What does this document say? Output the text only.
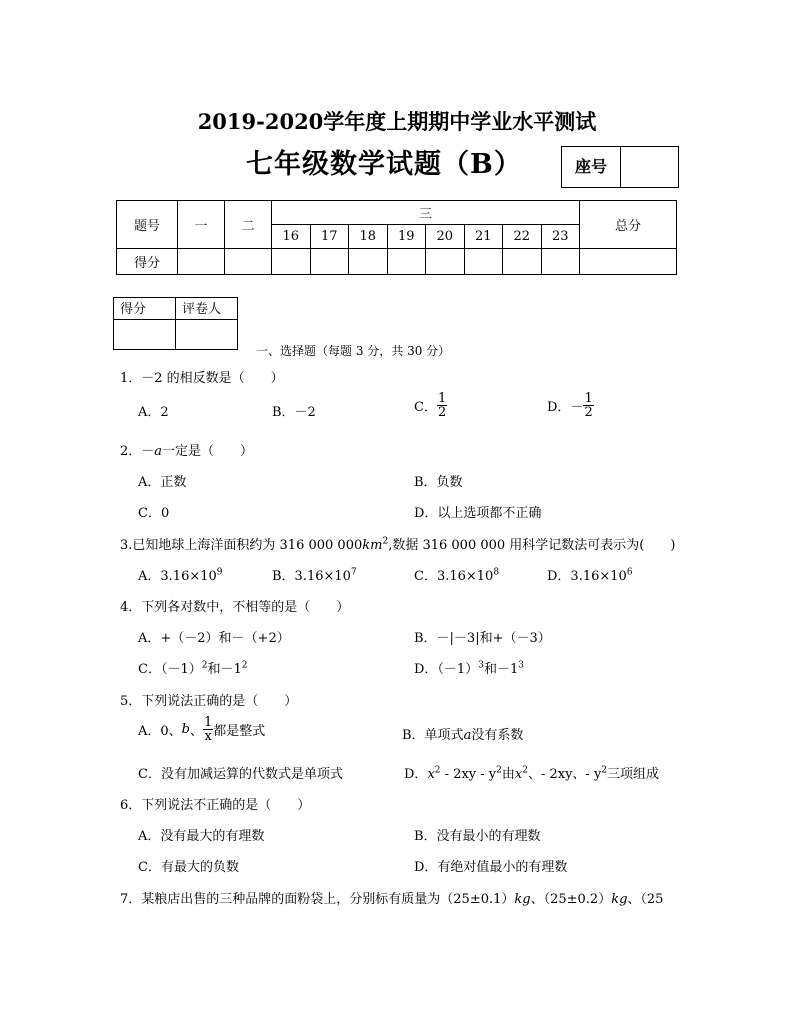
2019-2020学年度上期期中学业水平测试
七年级数学试题（B）	座号
题号	一	二	三								总分
			16	17	18	19	20	21	22	23	
得分											
得分	评卷人

一、选择题（每题 3 分，共 30 分）
1．－2 的相反数是（　　）
A．2	B．－2	C． $\frac{1}{2}$	D．－ $\frac{1}{2}$
2．－a一定是（　　）
A．正数	B．负数
C．0	D．以上选项都不正确
3.已知地球上海洋面积约为 316 000 $000km^2$,数据 316 000 000 用科学记数法可表示为(　　)
A．$3.16\times 10^9$	B．$3.16\times 10^7$	C．$3.16\times 10^8$	D．$3.16\times 10^6$
4．下列各对数中，不相等的是（　　）
A．+（－2）和－（+2）	B．－|－3|和+（－3）
C．$(-1)^2$和$-1^2$	D．$(-1)^3$和$-1^3$
5．下列说法正确的是（　　）
A．0、b、 $\frac{1}{x}$ 都是整式	B．单项式a没有系数
C．没有加减运算的代数式是单项式	D．$x^2 - 2xy - y^2$由$x^2$、- 2xy、- $y^2$三项组成
6．下列说法不正确的是（　　）
A．没有最大的有理数	B．没有最小的有理数
C．有最大的负数	D．有绝对值最小的有理数
7．某粮店出售的三种品牌的面粉袋上，分别标有质量为（25±0.1）kg、（25±0.2）kg、（25
